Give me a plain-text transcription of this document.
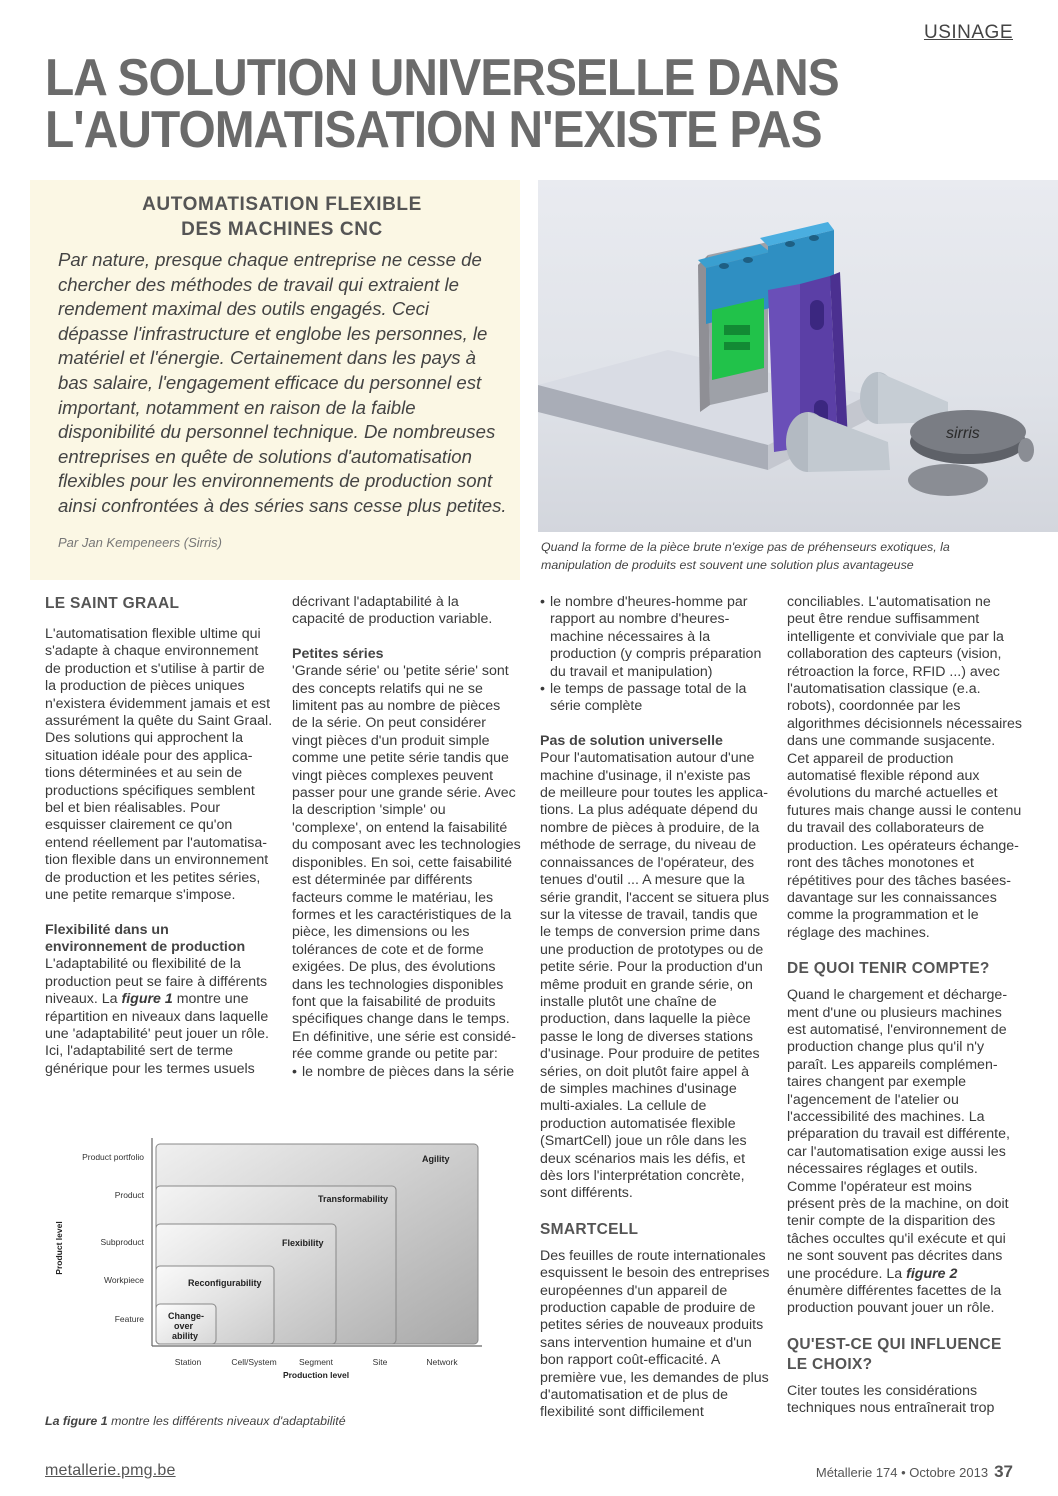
USINAGE
LA SOLUTION UNIVERSELLE DANS
L'AUTOMATISATION N'EXISTE PAS
AUTOMATISATION FLEXIBLE
DES MACHINES CNC
Par nature, presque chaque entreprise ne cesse de
chercher des méthodes de travail qui extraient le
rendement maximal des outils engagés. Ceci
dépasse l'infrastructure et englobe les personnes, le
matériel et l'énergie. Certainement dans les pays à
bas salaire, l'engagement efficace du personnel est
important, notamment en raison de la faible
disponibilité du personnel technique. De nombreuses
entreprises en quête de solutions d'automatisation
flexibles pour les environnements de production sont
ainsi confrontées à des séries sans cesse plus petites.
Par Jan Kempeneers (Sirris)
sirris
Quand la forme de la pièce brute n'exige pas de préhenseurs exotiques, la
manipulation de produits est souvent une solution plus avantageuse
LE SAINT GRAAL
L'automatisation flexible ultime qui
s'adapte à chaque environnement
de production et s'utilise à partir de
la production de pièces uniques
n'existera évidemment jamais et est
assurément la quête du Saint Graal.
Des solutions qui approchent la
situation idéale pour des applica-
tions déterminées et au sein de
productions spécifiques semblent
bel et bien réalisables. Pour
esquisser clairement ce qu'on
entend réellement par l'automatisa-
tion flexible dans un environnement
de production et les petites séries,
une petite remarque s'impose.
Flexibilité dans un
environnement de production
L'adaptabilité ou flexibilité de la
production peut se faire à différents
niveaux. La figure 1 montre une
répartition en niveaux dans laquelle
une 'adaptabilité' peut jouer un rôle.
Ici, l'adaptabilité sert de terme
générique pour les termes usuels
décrivant l'adaptabilité à la
capacité de production variable.
Petites séries
'Grande série' ou 'petite série' sont
des concepts relatifs qui ne se
limitent pas au nombre de pièces
de la série. On peut considérer
vingt pièces d'un produit simple
comme une petite série tandis que
vingt pièces complexes peuvent
passer pour une grande série. Avec
la description 'simple' ou
'complexe', on entend la faisabilité
du composant avec les technologies
disponibles. En soi, cette faisabilité
est déterminée par différents
facteurs comme le matériau, les
formes et les caractéristiques de la
pièce, les dimensions ou les
tolérances de cote et de forme
exigées. De plus, des évolutions
dans les technologies disponibles
font que la faisabilité de produits
spécifiques change dans le temps.
En définitive, une série est considé-
rée comme grande ou petite par:
• le nombre de pièces dans la série
• le nombre d'heures-homme par
rapport au nombre d'heures-
machine nécessaires à la
production (y compris préparation
du travail et manipulation)
• le temps de passage total de la
série complète
Pas de solution universelle
Pour l'automatisation autour d'une
machine d'usinage, il n'existe pas
de meilleure pour toutes les applica-
tions. La plus adéquate dépend du
nombre de pièces à produire, de la
méthode de serrage, du niveau de
connaissances de l'opérateur, des
tenues d'outil ... A mesure que la
série grandit, l'accent se situera plus
sur la vitesse de travail, tandis que
le temps de conversion prime dans
une production de prototypes ou de
petite série. Pour la production d'un
même produit en grande série, on
installe plutôt une chaîne de
production, dans laquelle la pièce
passe le long de diverses stations
d'usinage. Pour produire de petites
séries, on doit plutôt faire appel à
de simples machines d'usinage
multi-axiales. La cellule de
production automatisée flexible
(SmartCell) joue un rôle dans les
deux scénarios mais les défis, et
dès lors l'interprétation concrète,
sont différents.
SMARTCELL
Des feuilles de route internationales
esquissent le besoin des entreprises
européennes d'un appareil de
production capable de produire de
petites séries de nouveaux produits
sans intervention humaine et d'un
bon rapport coût-efficacité. A
première vue, les demandes de plus
d'automatisation et de plus de
flexibilité sont difficilement
conciliables. L'automatisation ne
peut être rendue suffisamment
intelligente et conviviale que par la
collaboration des capteurs (vision,
rétroaction la force, RFID ...) avec
l'automatisation classique (e.a.
robots), coordonnée par les
algorithmes décisionnels nécessaires
dans une commande susjacente.
Cet appareil de production
automatisé flexible répond aux
évolutions du marché actuelles et
futures mais change aussi le contenu
du travail des collaborateurs de
production. Les opérateurs échange-
ront des tâches monotones et
répétitives pour des tâches basées-
davantage sur les connaissances
comme la programmation et le
réglage des machines.
DE QUOI TENIR COMPTE?
Quand le chargement et décharge-
ment d'une ou plusieurs machines
est automatisé, l'environnement de
production change plus qu'il n'y
paraît. Les appareils complémen-
taires changent par exemple
l'agencement de l'atelier ou
l'accessibilité des machines. La
préparation du travail est différente,
car l'automatisation exige aussi les
nécessaires réglages et outils.
Comme l'opérateur est moins
présent près de la machine, on doit
tenir compte de la disparition des
tâches occultes qu'il exécute et qui
ne sont souvent pas décrites dans
une procédure. La figure 2
énumère différentes facettes de la
production pouvant jouer un rôle.
QU'EST-CE QUI INFLUENCE
LE CHOIX?
Citer toutes les considérations
techniques nous entraînerait trop
Agility
Transformability
Flexibility
Reconfigurability
Change-
over
ability
Product portfolio
Product
Subproduct
Workpiece
Feature
Station	Cell/System	Segment	Site	Network
Production level
Product level
La figure 1 montre les différents niveaux d'adaptabilité
metallerie.pmg.be	Métallerie 174 • Octobre 2013 37
